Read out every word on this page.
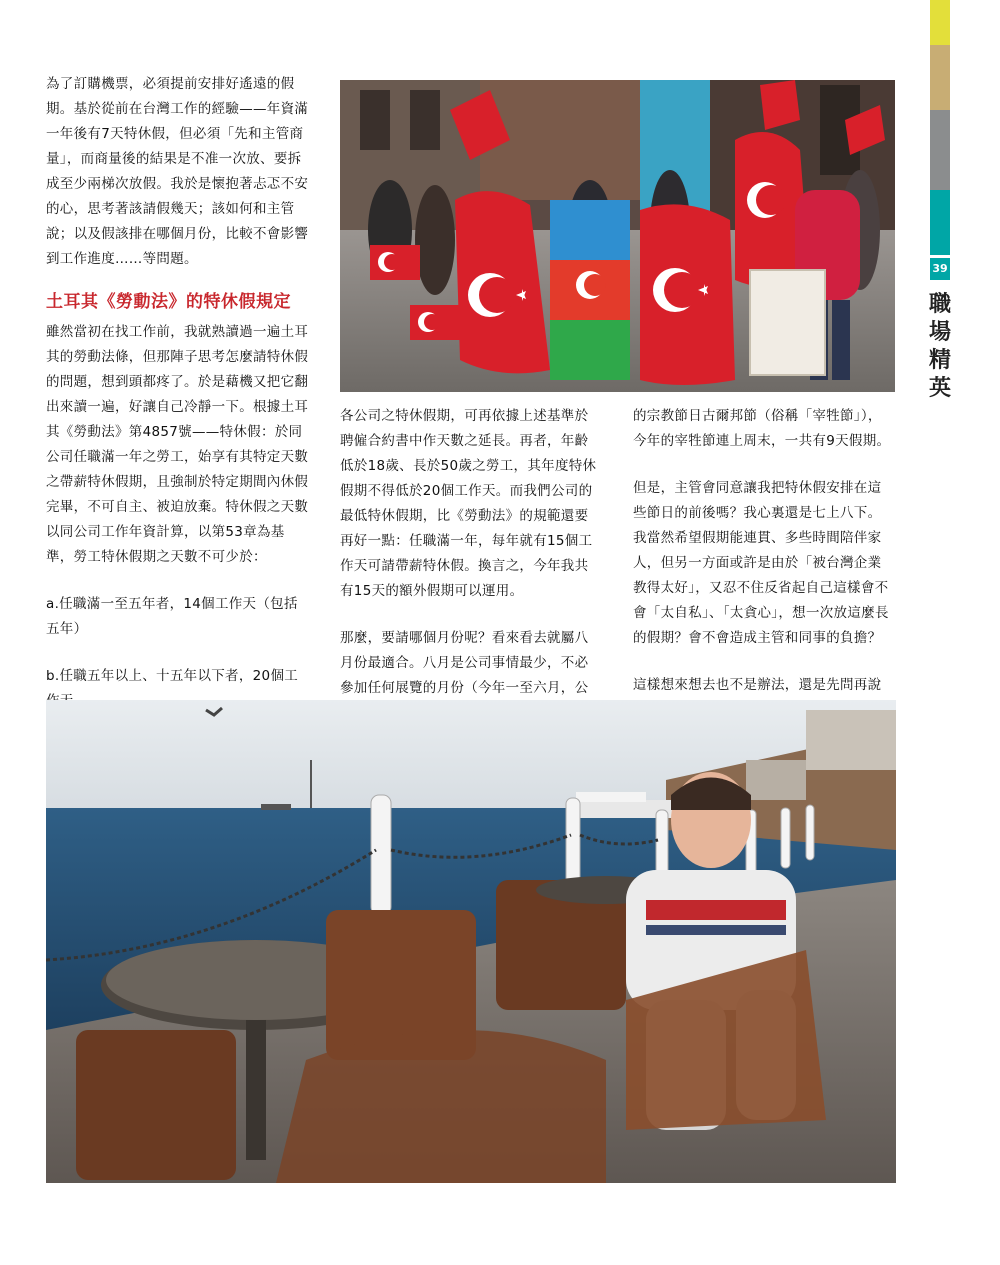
39
職場精英

為了訂購機票，必須提前安排好遙遠的假期。基於從前在台灣工作的經驗——年資滿一年後有7天特休假，但必須「先和主管商量」，而商量後的結果是不准一次放、要拆成至少兩梯次放假。我於是懷抱著忐忑不安的心，思考著該請假幾天；該如何和主管說；以及假該排在哪個月份，比較不會影響到工作進度……等問題。

土耳其《勞動法》的特休假規定

雖然當初在找工作前，我就熟讀過一遍土耳其的勞動法條，但那陣子思考怎麼請特休假的問題，想到頭都疼了。於是藉機又把它翻出來讀一遍，好讓自己冷靜一下。根據土耳其《勞動法》第4857號——特休假：於同公司任職滿一年之勞工，始享有其特定天數之帶薪特休假期，且強制於特定期間內休假完畢，不可自主、被迫放棄。特休假之天數以同公司工作年資計算，以第53章為基準，勞工特休假期之天數不可少於：

a.任職滿一至五年者，14個工作天（包括五年）

b.任職五年以上、十五年以下者，20個工

各公司之特休假期，可再依據上述基準於聘僱合約書中作天數之延長。再者，年齡低於18歲、長於50歲之勞工，其年度特休假期不得低於20個工作天。而我們公司的最低特休假期，比《勞動法》的規範還要再好一點：任職滿一年，每年就有15個工作天可請帶薪特休假。換言之，今年我共有15天的額外假期可以運用。

那麼，要請哪個月份呢？看來看去就屬八月份最適合。八月是公司事情最少，不必參加任何展覽的月份（今年一至六月，公

的宗教節日古爾邦節（俗稱「宰牲節」），今年的宰牲節連上周末，一共有9天假期。

但是，主管會同意讓我把特休假安排在這些節日的前後嗎？我心裏還是七上八下。我當然希望假期能連貫、多些時間陪伴家人，但另一方面或許是由於「被台灣企業教得太好」，又忍不住反省起自己這樣會不會「太自私」、「太貪心」，想一次放這麼長的假期？會不會造成主管和同事的負擔？

這樣想來想去也不是辦法，還是先問再說
